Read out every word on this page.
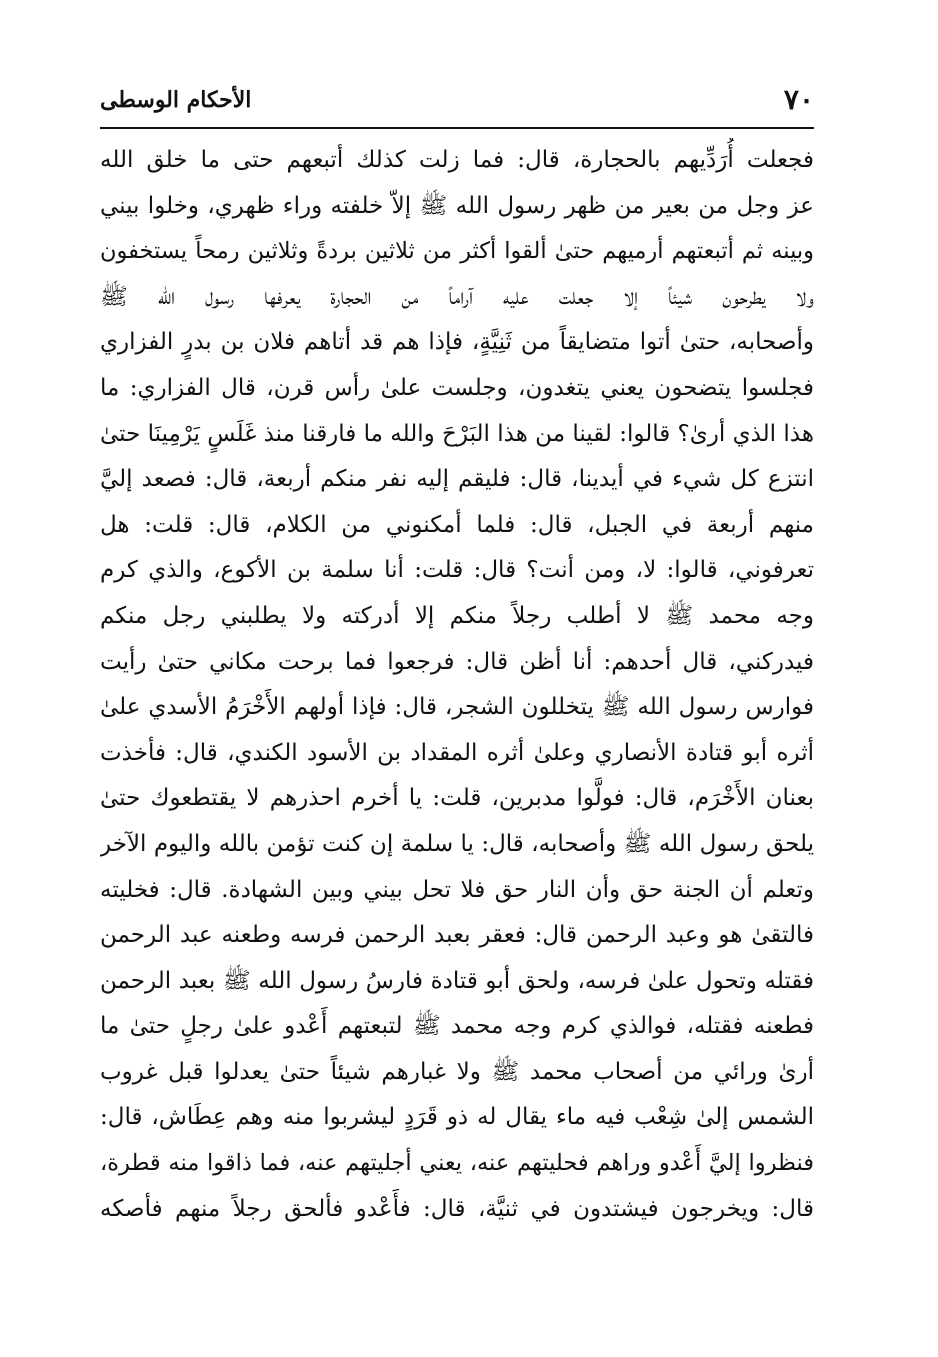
٧٠
الأحكام الوسطى
فجعلت أُرَدِّيهم بالحجارة، قال: فما زلت كذلك أتبعهم حتى ما خلق الله
عز وجل من بعير من ظهر رسول الله ﷺ إلاّ خلفته وراء ظهري، وخلوا بيني
وبينه ثم أتبعتهم أرميهم حتىٰ ألقوا أكثر من ثلاثين بردةً وثلاثين رمحاً يستخفون
ولا يطرحون شيئاً إلا جعلت عليه آراماً من الحجارة يعرفها رسول الله ﷺ
وأصحابه، حتىٰ أتوا متضايقاً من ثَنِيَّةٍ، فإذا هم قد أتاهم فلان بن بدرٍ الفزاري
فجلسوا يتضحون يعني يتغدون، وجلست علىٰ رأس قرن، قال الفزاري: ما
هذا الذي أرىٰ؟ قالوا: لقينا من هذا البَرْحَ والله ما فارقنا منذ غَلَسٍ يَرْمِينَا حتىٰ
انتزع كل شيء في أيدينا، قال: فليقم إليه نفر منكم أربعة، قال: فصعد إليَّ
منهم أربعة في الجبل، قال: فلما أمكنوني من الكلام، قال: قلت: هل
تعرفوني، قالوا: لا، ومن أنت؟ قال: قلت: أنا سلمة بن الأكوع، والذي كرم
وجه محمد ﷺ لا أطلب رجلاً منكم إلا أدركته ولا يطلبني رجل منكم
فيدركني، قال أحدهم: أنا أظن قال: فرجعوا فما برحت مكاني حتىٰ رأيت
فوارس رسول الله ﷺ يتخللون الشجر، قال: فإذا أولهم الأَخْرَمُ الأسدي علىٰ
أثره أبو قتادة الأنصاري وعلىٰ أثره المقداد بن الأسود الكندي، قال: فأخذت
بعنان الأَخْرَم، قال: فولَّوا مدبرين، قلت: يا أخرم احذرهم لا يقتطعوك حتىٰ
يلحق رسول الله ﷺ وأصحابه، قال: يا سلمة إن كنت تؤمن بالله واليوم الآخر
وتعلم أن الجنة حق وأن النار حق فلا تحل بيني وبين الشهادة. قال: فخليته
فالتقىٰ هو وعبد الرحمن قال: فعقر بعبد الرحمن فرسه وطعنه عبد الرحمن
فقتله وتحول علىٰ فرسه، ولحق أبو قتادة فارسُ رسول الله ﷺ بعبد الرحمن
فطعنه فقتله، فوالذي كرم وجه محمد ﷺ لتبعتهم أَعْدو علىٰ رجلٍ حتىٰ ما
أرىٰ ورائي من أصحاب محمد ﷺ ولا غبارهم شيئاً حتىٰ يعدلوا قبل غروب
الشمس إلىٰ شِعْب فيه ماء يقال له ذو قَرَدٍ ليشربوا منه وهم عِطَاش، قال:
فنظروا إليَّ أَعْدو وراهم فحليتهم عنه، يعني أجليتهم عنه، فما ذاقوا منه قطرة،
قال: ويخرجون فيشتدون في ثنيَّة، قال: فأَعْدو فألحق رجلاً منهم فأصكه
